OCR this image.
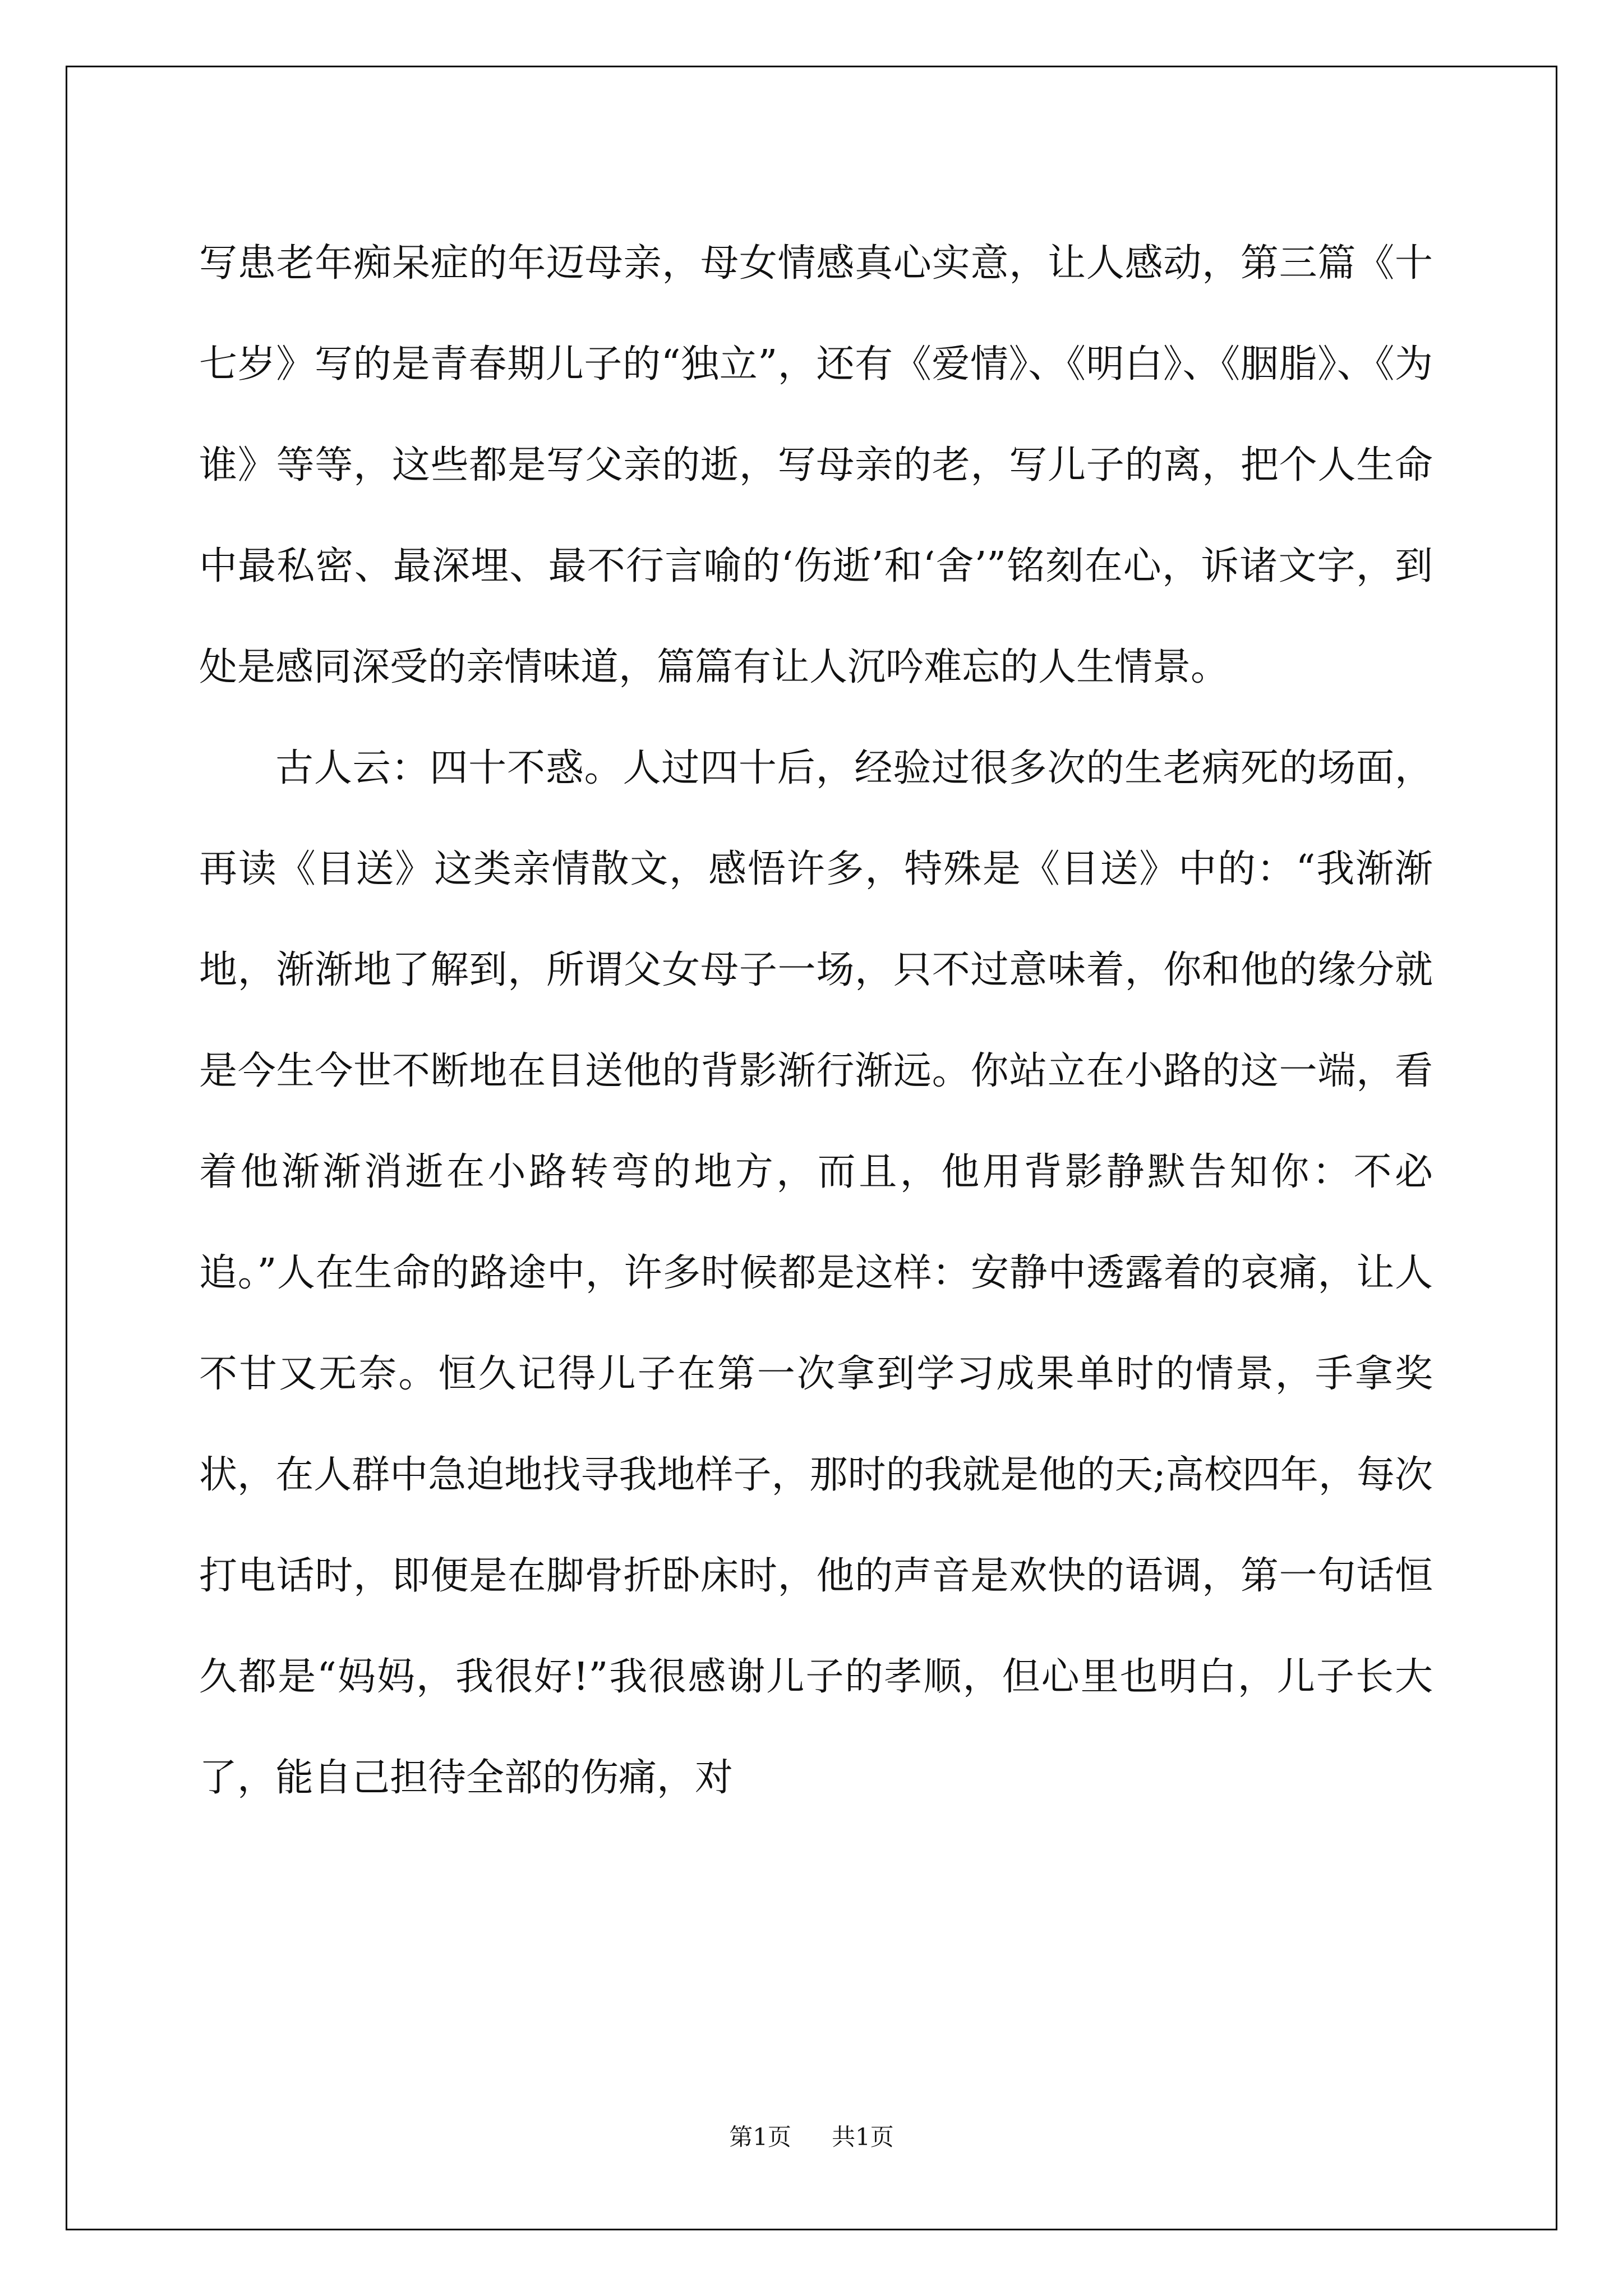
写患老年痴呆症的年迈母亲，母女情感真心实意，让人感动，第三篇《十七岁》写的是青春期儿子的“独立”，还有《爱情》、《明白》、《胭脂》、《为谁》等等，这些都是写父亲的逝，写母亲的老，写儿子的离，把个人生命中最私密、最深埋、最不行言喻的‘伤逝’和‘舍’”铭刻在心，诉诸文字，到处是感同深受的亲情味道，篇篇有让人沉吟难忘的人生情景。

古人云：四十不惑。人过四十后，经验过很多次的生老病死的场面，再读《目送》这类亲情散文，感悟许多，特殊是《目送》中的：“我渐渐地，渐渐地了解到，所谓父女母子一场，只不过意味着，你和他的缘分就是今生今世不断地在目送他的背影渐行渐远。你站立在小路的这一端，看着他渐渐消逝在小路转弯的地方，而且，他用背影静默告知你：不必追。”人在生命的路途中，许多时候都是这样：安静中透露着的哀痛，让人不甘又无奈。恒久记得儿子在第一次拿到学习成果单时的情景，手拿奖状，在人群中急迫地找寻我地样子，那时的我就是他的天;高校四年，每次打电话时，即便是在脚骨折卧床时，他的声音是欢快的语调，第一句话恒久都是“妈妈，我很好!”我很感谢儿子的孝顺，但心里也明白，儿子长大了，能自己担待全部的伤痛，对

第1页 共1页
